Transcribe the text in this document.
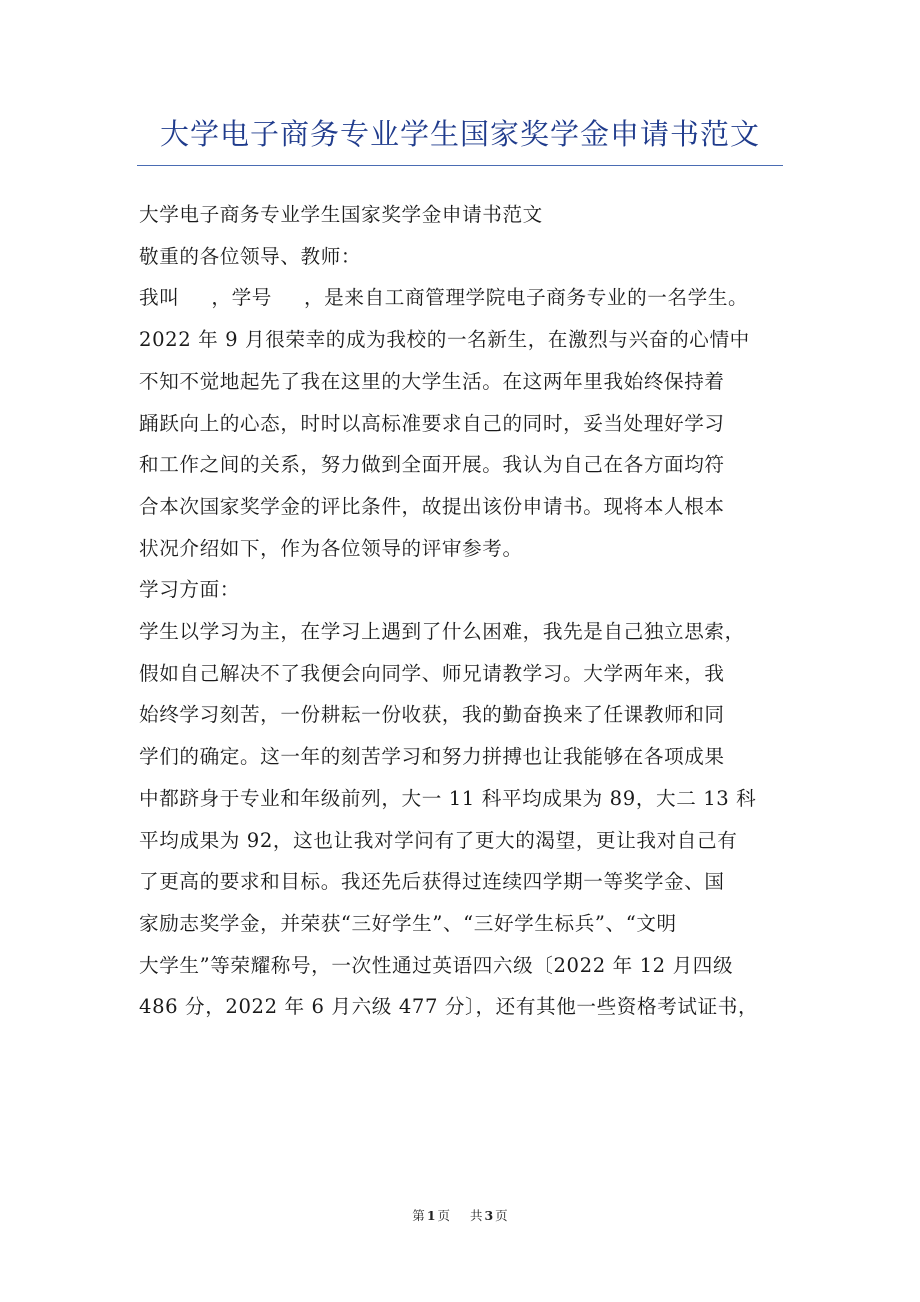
大学电子商务专业学生国家奖学金申请书范文

大学电子商务专业学生国家奖学金申请书范文

敬重的各位领导、教师：

我叫 ，学号 ，是来自工商管理学院电子商务专业的一名学生。

2022 年 9 月很荣幸的成为我校的一名新生，在激烈与兴奋的心情中

不知不觉地起先了我在这里的大学生活。在这两年里我始终保持着

踊跃向上的心态，时时以高标准要求自己的同时，妥当处理好学习

和工作之间的关系，努力做到全面开展。我认为自己在各方面均符

合本次国家奖学金的评比条件，故提出该份申请书。现将本人根本

状况介绍如下，作为各位领导的评审参考。

学习方面：

学生以学习为主，在学习上遇到了什么困难，我先是自己独立思索，

假如自己解决不了我便会向同学、师兄请教学习。大学两年来，我

始终学习刻苦，一份耕耘一份收获，我的勤奋换来了任课教师和同

学们的确定。这一年的刻苦学习和努力拼搏也让我能够在各项成果

中都跻身于专业和年级前列，大一 11 科平均成果为 89，大二 13 科

平均成果为 92，这也让我对学问有了更大的渴望，更让我对自己有

了更高的要求和目标。我还先后获得过连续四学期一等奖学金、国

家励志奖学金，并荣获“三好学生”、“三好学生标兵”、“文明

大学生”等荣耀称号，一次性通过英语四六级〔2022 年 12 月四级

486 分，2022 年 6 月六级 477 分〕，还有其他一些资格考试证书，

第 1 页 共 3 页
